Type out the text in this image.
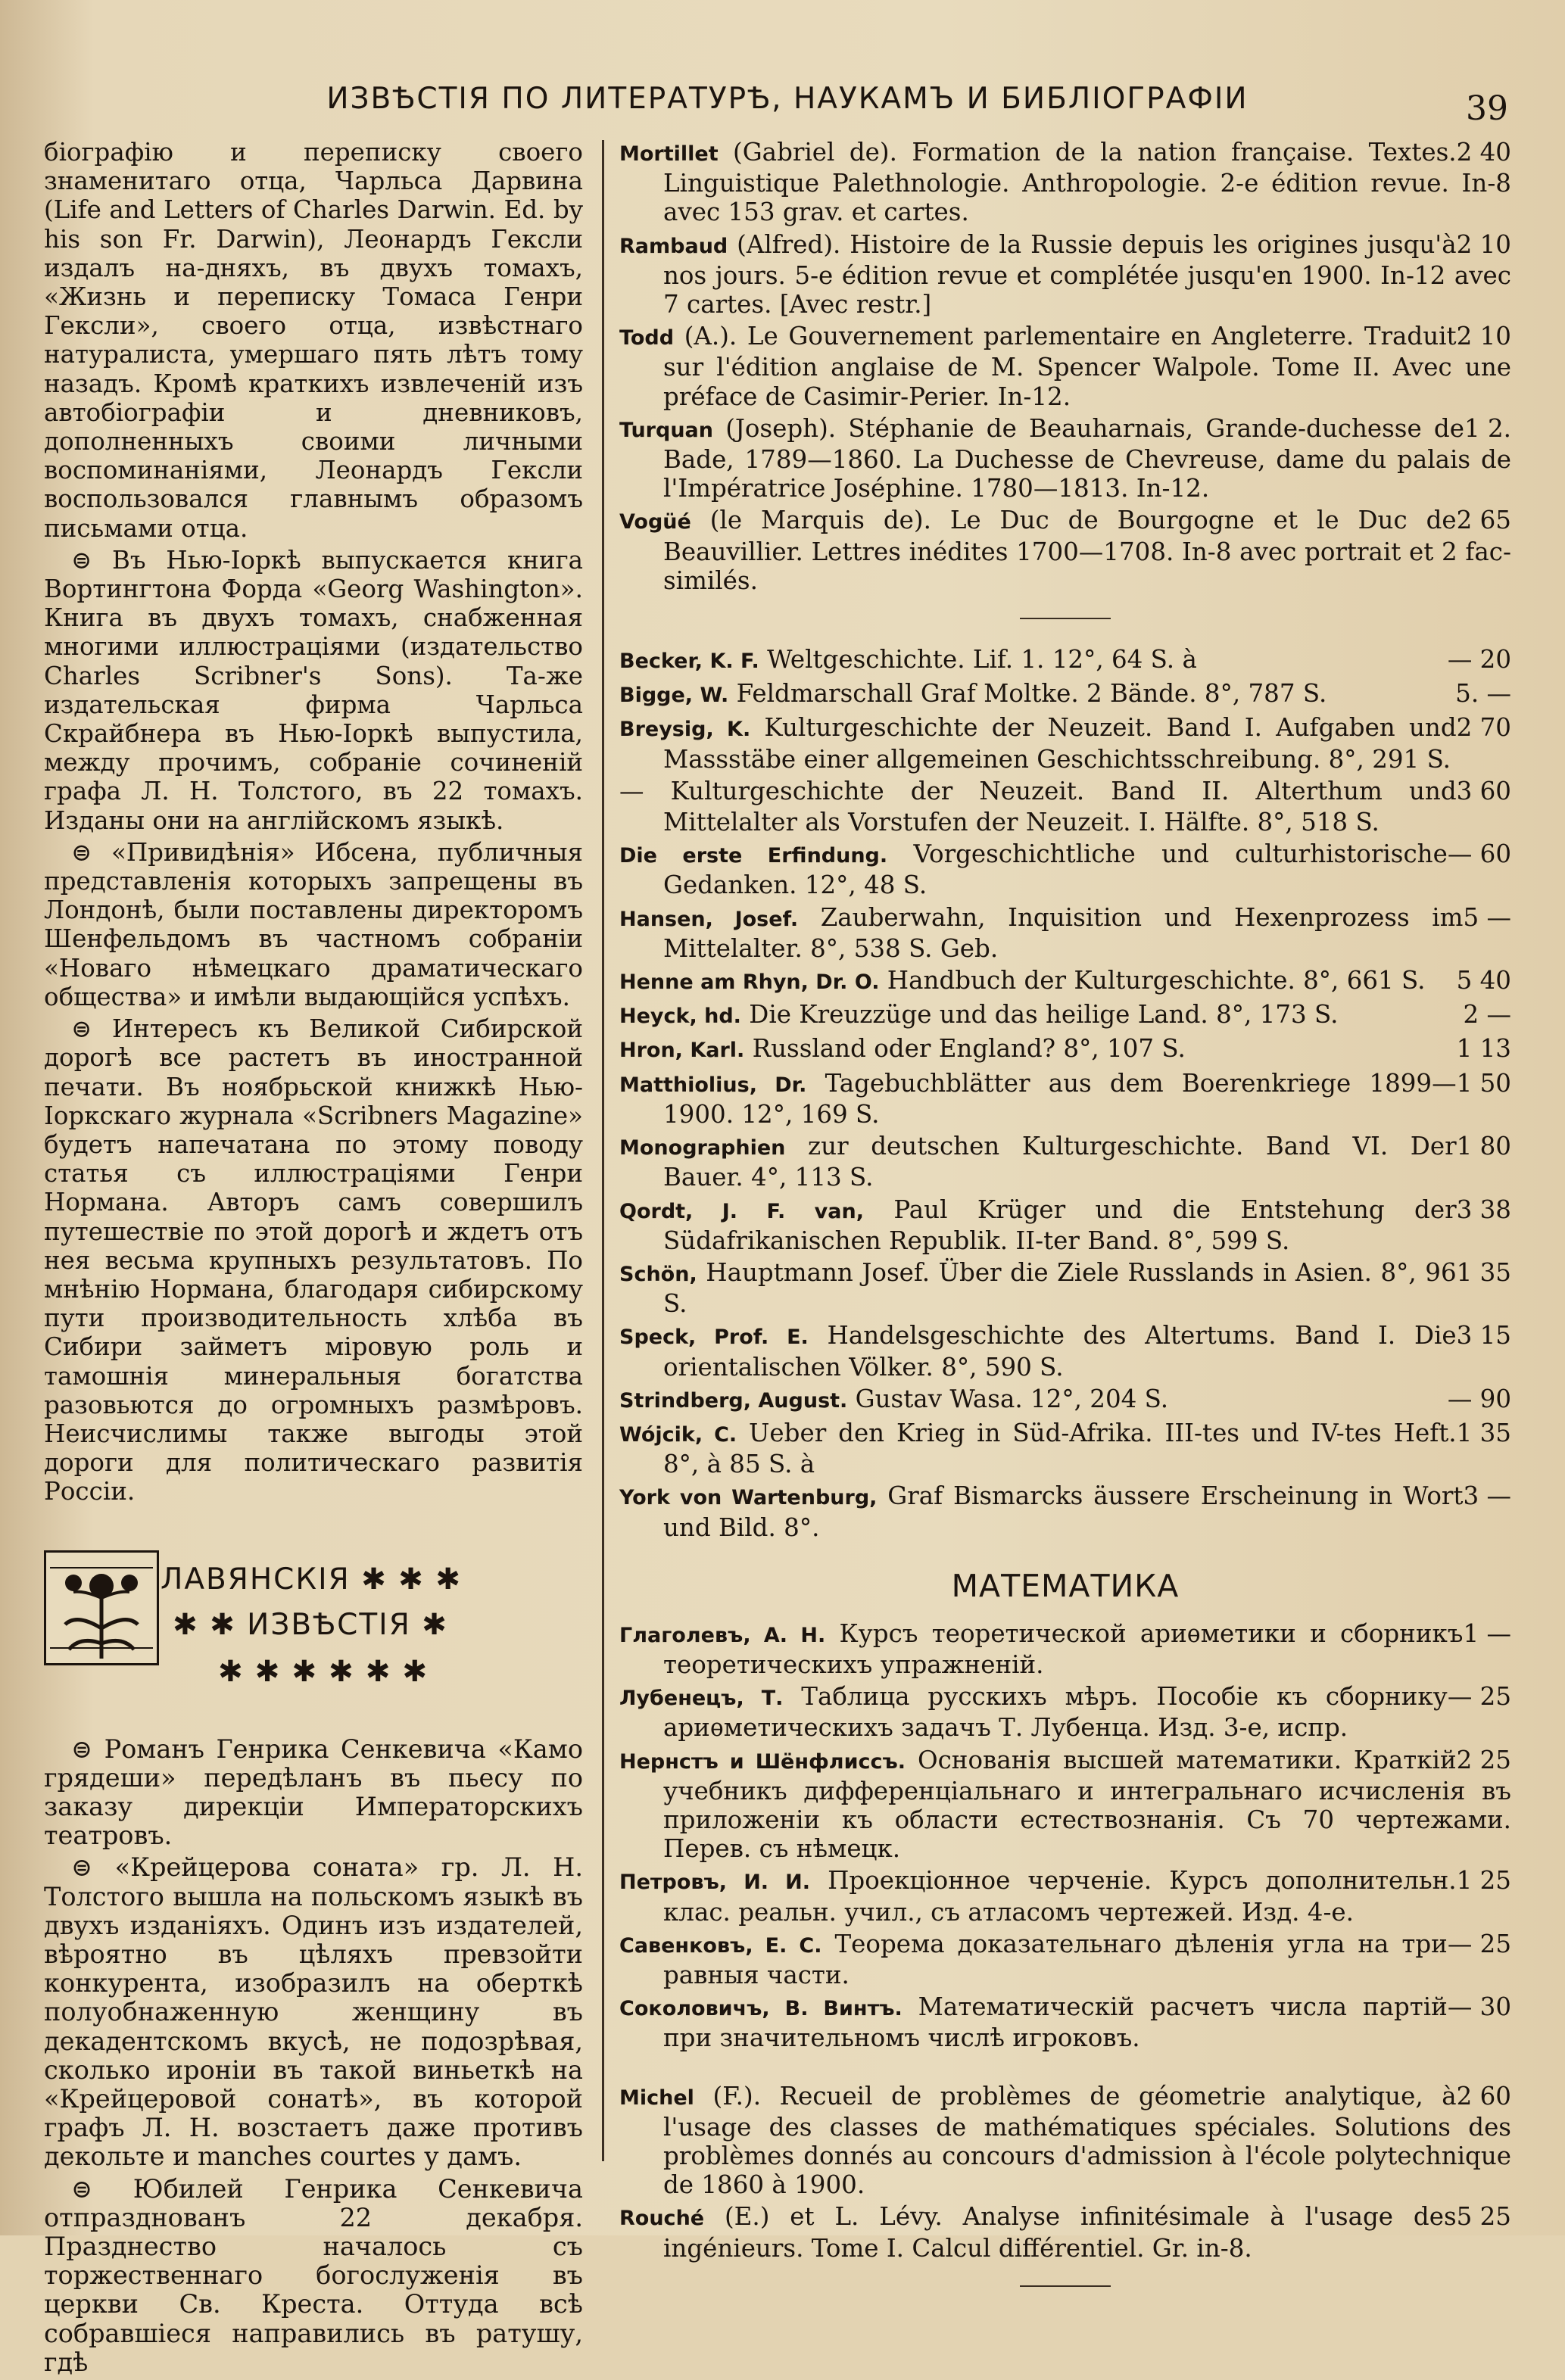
ИЗВѢСТІЯ ПО ЛИТЕРАТУРѢ, НАУКАМЪ И БИБЛІОГРАФІИ	39

біографію и переписку своего знаменитаго отца, Чарльса Дарвина (Life and Letters of Charles Darwin. Ed. by his son Fr. Darwin), Леонардъ Гексли издалъ на-дняхъ, въ двухъ томахъ, «Жизнь и переписку Томаса Генри Гексли», своего отца, извѣстнаго натуралиста, умершаго пять лѣтъ тому назадъ. Кромѣ краткихъ извлеченій изъ автобіографіи и дневниковъ, дополненныхъ своими личными воспоминаніями, Леонардъ Гексли воспользовался главнымъ образомъ письмами отца.

⊜ Въ Нью-Іоркѣ выпускается книга Вортингтона Форда «Georg Washington». Книга въ двухъ томахъ, снабженная многими иллюстраціями (издательство Charles Scribner's Sons). Та-же издательская фирма Чарльса Скрайбнера въ Нью-Іоркѣ выпустила, между прочимъ, собраніе сочиненій графа Л. Н. Толстого, въ 22 томахъ. Изданы они на англійскомъ языкѣ.

⊜ «Привидѣнія» Ибсена, публичныя представленія которыхъ запрещены въ Лондонѣ, были поставлены директоромъ Шенфельдомъ въ частномъ собраніи «Новаго нѣмецкаго драматическаго общества» и имѣли выдающійся успѣхъ.

⊜ Интересъ къ Великой Сибирской дорогѣ все растетъ въ иностранной печати. Въ ноябрьской книжкѣ Нью-Іоркскаго журнала «Scribners Magazine» будетъ напечатана по этому поводу статья съ иллюстраціями Генри Нормана. Авторъ самъ совершилъ путешествіе по этой дорогѣ и ждетъ отъ нея весьма крупныхъ результатовъ. По мнѣнію Нормана, благодаря сибирскому пути производительность хлѣба въ Сибири займетъ міровую роль и тамошнія минеральныя богатства разовьются до огромныхъ размѣровъ. Неисчислимы также выгоды этой дороги для политическаго развитія Россіи.

ЛАВЯНСКІЯ ✱ ✱ ✱
✱ ✱ ИЗВѢСТІЯ ✱
✱✱✱✱✱✱

⊜ Романъ Генрика Сенкевича «Камо грядеши» передѣланъ въ пьесу по заказу дирекціи Императорскихъ театровъ.

⊜ «Крейцерова соната» гр. Л. Н. Толстого вышла на польскомъ языкѣ въ двухъ изданіяхъ. Одинъ изъ издателей, вѣроятно въ цѣляхъ превзойти конкурента, изобразилъ на оберткѣ полуобнаженную женщину въ декадентскомъ вкусѣ, не подозрѣвая, сколько иронiи въ такой виньеткѣ на «Крейцеровой сонатѣ», въ которой графъ Л. Н. возстаетъ даже противъ декольте и manches courtes у дамъ.

⊜ Юбилей Генрика Сенкевича отпразднованъ 22 декабря. Празднество началось съ торжественнаго богослуженія въ церкви Св. Креста. Оттуда всѣ собравшіеся направились въ ратушу, гдѣ

2 40
Mortillet (Gabriel de). Formation de la nation française. Textes. Linguistique Palethnologie. Anthropologie. 2-e édition revue. In-8 avec 153 grav. et cartes.

2 10
Rambaud (Alfred). Histoire de la Russie depuis les origines jusqu'à nos jours. 5-e édition revue et complétée jusqu'en 1900. In-12 avec 7 cartes. [Avec restr.]

2 10
Todd (A.). Le Gouvernement parlementaire en Angleterre. Traduit sur l'édition anglaise de M. Spencer Walpole. Tome II. Avec une préface de Casimir-Perier. In-12.

1 2.
Turquan (Joseph). Stéphanie de Beauharnais, Grande-duchesse de Bade, 1789—1860. La Duchesse de Chevreuse, dame du palais de l'Impératrice Joséphine. 1780—1813. In-12.

2 65
Vogüé (le Marquis de). Le Duc de Bourgogne et le Duc de Beauvillier. Lettres inédites 1700—1708. In-8 avec portrait et 2 fac-similés.

— 20
Becker, K. F. Weltgeschichte. Lif. 1. 12°, 64 S. à

5. —
Bigge, W. Feldmarschall Graf Moltke. 2 Bände. 8°, 787 S.

2 70
Breysig, K. Kulturgeschichte der Neuzeit. Band I. Aufgaben und Massstäbe einer allgemeinen Geschichtsschreibung. 8°, 291 S.

3 60
— Kulturgeschichte der Neuzeit. Band II. Alterthum und Mittelalter als Vorstufen der Neuzeit. I. Hälfte. 8°, 518 S.

— 60
Die erste Erfindung. Vorgeschichtliche und culturhistorische Gedanken. 12°, 48 S.

5 —
Hansen, Josef. Zauberwahn, Inquisition und Hexenprozess im Mittelalter. 8°, 538 S. Geb.

5 40
Henne am Rhyn, Dr. O. Handbuch der Kulturgeschichte. 8°, 661 S.

2 —
Heyck, hd. Die Kreuzzüge und das heilige Land. 8°, 173 S.

1 13
Hron, Karl. Russland oder England? 8°, 107 S.

1 50
Matthiolius, Dr. Tagebuchblätter aus dem Boerenkriege 1899—1900. 12°, 169 S.

1 80
Monographien zur deutschen Kulturgeschichte. Band VI. Der Bauer. 4°, 113 S.

3 38
Qordt, J. F. van, Paul Krüger und die Entstehung der Südafrikanischen Republik. II-ter Band. 8°, 599 S.

1 35
Schön, Hauptmann Josef. Über die Ziele Russlands in Asien. 8°, 96 S.

3 15
Speck, Prof. E. Handelsgeschichte des Altertums. Band I. Die orientalischen Völker. 8°, 590 S.

— 90
Strindberg, August. Gustav Wasa. 12°, 204 S.

1 35
Wójcik, C. Ueber den Krieg in Süd-Afrika. III-tes und IV-tes Heft. 8°, à 85 S. à

3 —
York von Wartenburg, Graf Bismarcks äussere Erscheinung in Wort und Bild. 8°.

МАТЕМАТИКА

1 —
Глаголевъ, А. Н. Курсъ теоретической ариѳметики и сборникъ теоретическихъ упражненій.

— 25
Лубенецъ, Т. Таблица русскихъ мѣръ. Пособіе къ сборнику ариѳметическихъ задачъ Т. Лубенца. Изд. 3-е, испр.

2 25
Нернстъ и Шёнфлиссъ. Основанія высшей математики. Краткій учебникъ дифференціальнаго и интегральнаго исчисленія въ приложеніи къ области естествознанія. Съ 70 чертежами. Перев. съ нѣмецк.

1 25
Петровъ, И. И. Проекціонное черченіе. Курсъ дополнительн. клас. реальн. учил., съ атласомъ чертежей. Изд. 4-е.

— 25
Савенковъ, Е. С. Теорема доказательнаго дѣленія угла на три равныя части.

— 30
Соколовичъ, В. Винтъ. Математическій расчетъ числа партій при значительномъ числѣ игроковъ.

2 60
Michel (F.). Recueil de problèmes de géometrie analytique, à l'usage des classes de mathématiques spéciales. Solutions des problèmes donnés au concours d'admission à l'école polytechnique de 1860 à 1900.

5 25
Rouché (E.) et L. Lévy. Analyse infinitésimale à l'usage des ingénieurs. Tome I. Calcul différentiel. Gr. in-8.
